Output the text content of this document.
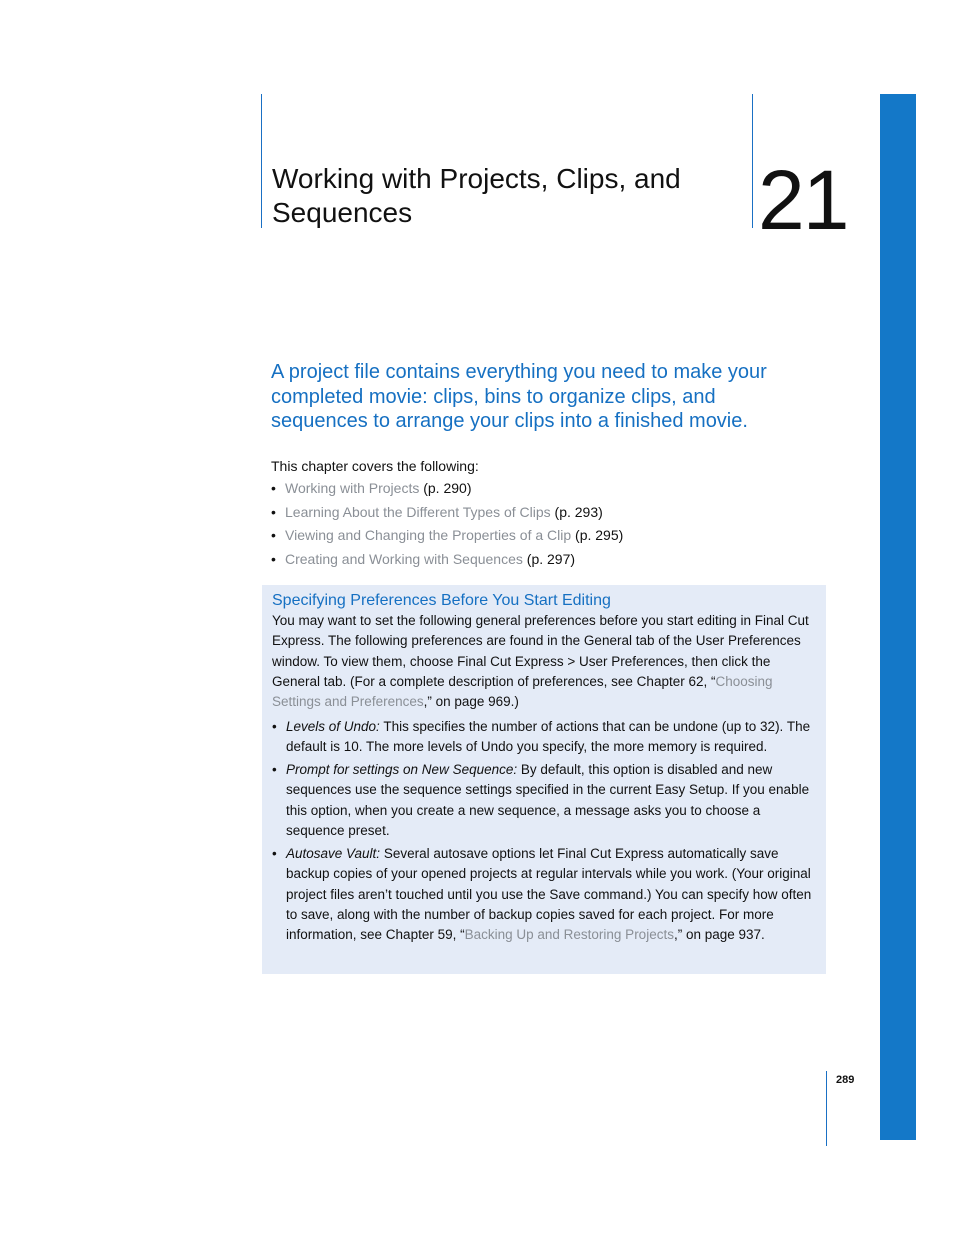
Working with Projects, Clips, and Sequences	21

A project file contains everything you need to make your completed movie: clips, bins to organize clips, and sequences to arrange your clips into a finished movie.

This chapter covers the following:

• Working with Projects (p. 290)
• Learning About the Different Types of Clips (p. 293)
• Viewing and Changing the Properties of a Clip (p. 295)
• Creating and Working with Sequences (p. 297)
Specifying Preferences Before You Start Editing

You may want to set the following general preferences before you start editing in Final Cut Express. The following preferences are found in the General tab of the User Preferences window. To view them, choose Final Cut Express > User Preferences, then click the General tab. (For a complete description of preferences, see Chapter 62, “Choosing Settings and Preferences,” on page 969.)

• Levels of Undo: This specifies the number of actions that can be undone (up to 32). The default is 10. The more levels of Undo you specify, the more memory is required.
• Prompt for settings on New Sequence: By default, this option is disabled and new sequences use the sequence settings specified in the current Easy Setup. If you enable this option, when you create a new sequence, a message asks you to choose a sequence preset.
• Autosave Vault: Several autosave options let Final Cut Express automatically save backup copies of your opened projects at regular intervals while you work. (Your original project files aren’t touched until you use the Save command.) You can specify how often to save, along with the number of backup copies saved for each project. For more information, see Chapter 59, “Backing Up and Restoring Projects,” on page 937.
289
